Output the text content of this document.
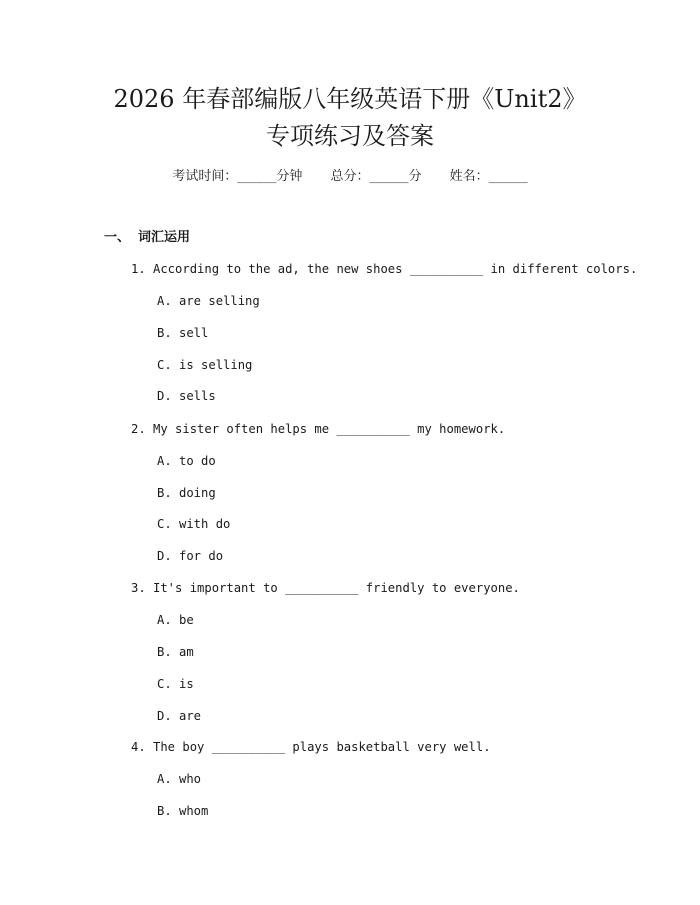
2026 年春部编版八年级英语下册《Unit2》
专项练习及答案
考试时间：______分钟 总分：______分 姓名：______
一、 词汇运用
1. According to the ad, the new shoes __________ in different colors.
A. are selling
B. sell
C. is selling
D. sells
2. My sister often helps me __________ my homework.
A. to do
B. doing
C. with do
D. for do
3. It's important to __________ friendly to everyone.
A. be
B. am
C. is
D. are
4. The boy __________ plays basketball very well.
A. who
B. whom
